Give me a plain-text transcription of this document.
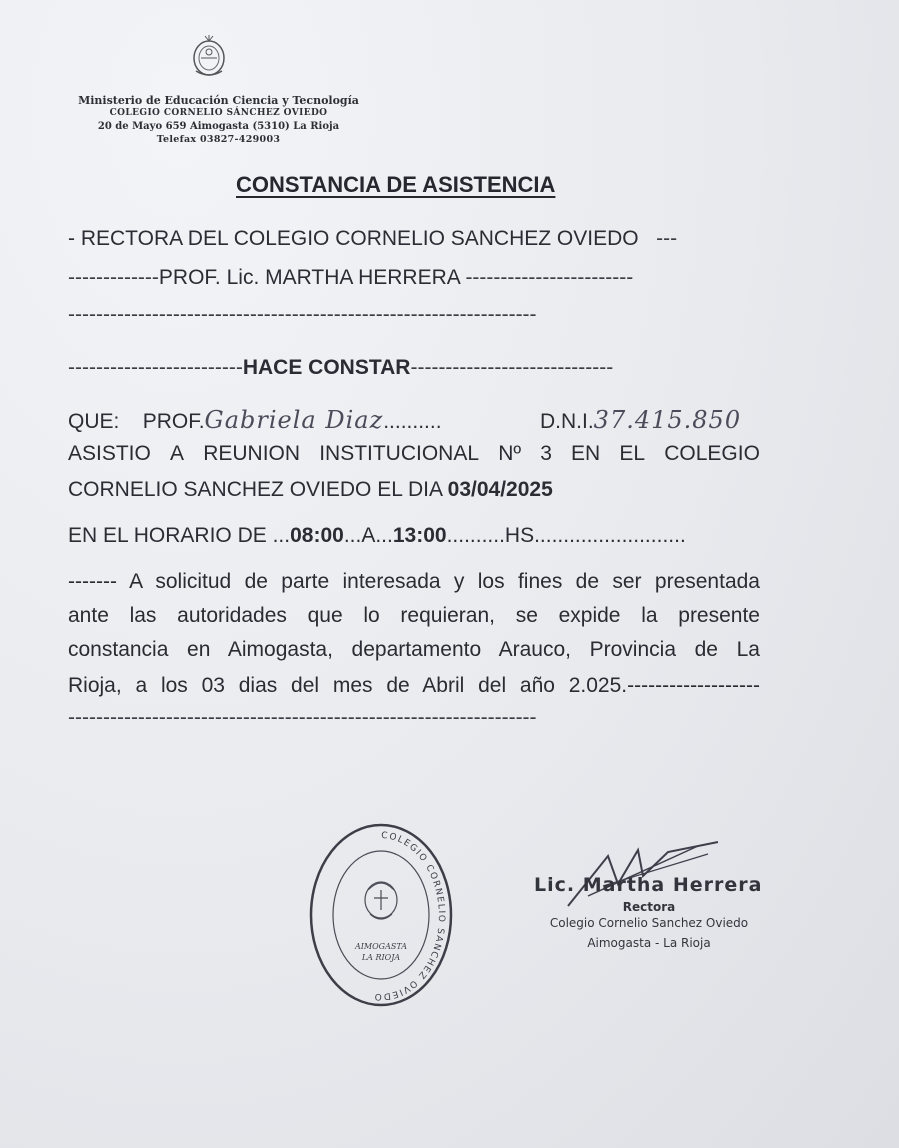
Ministerio de Educación Ciencia y Tecnología
COLEGIO CORNELIO SÁNCHEZ OVIEDO
20 de Mayo 659 Aimogasta (5310) La Rioja
Telefax 03827-429003
CONSTANCIA DE ASISTENCIA
- RECTORA DEL COLEGIO CORNELIO SANCHEZ OVIEDO   ---
-------------PROF. Lic. MARTHA HERRERA ------------------------
-------------------------------------------------------------------
-------------------------HACE CONSTAR-----------------------------
QUE: PROF.Gabriela Diaz..........	D.N.I.37.415.850
ASISTIO A REUNION INSTITUCIONAL Nº 3 EN EL COLEGIO
CORNELIO SANCHEZ OVIEDO EL DIA 03/04/2025
EN EL HORARIO DE ...08:00...A...13:00..........HS..........................
------- A solicitud de parte interesada y los fines de ser presentada
ante las autoridades que lo requieran, se expide la presente
constancia en Aimogasta, departamento Arauco, Provincia de La
Rioja, a los 03 dias del mes de Abril del año 2.025.-------------------
-------------------------------------------------------------------
COLEGIO CORNELIO SANCHEZ OVIEDO
AIMOGASTA
LA RIOJA
Lic. Martha Herrera
Rectora
Colegio Cornelio Sanchez Oviedo
Aimogasta - La Rioja
